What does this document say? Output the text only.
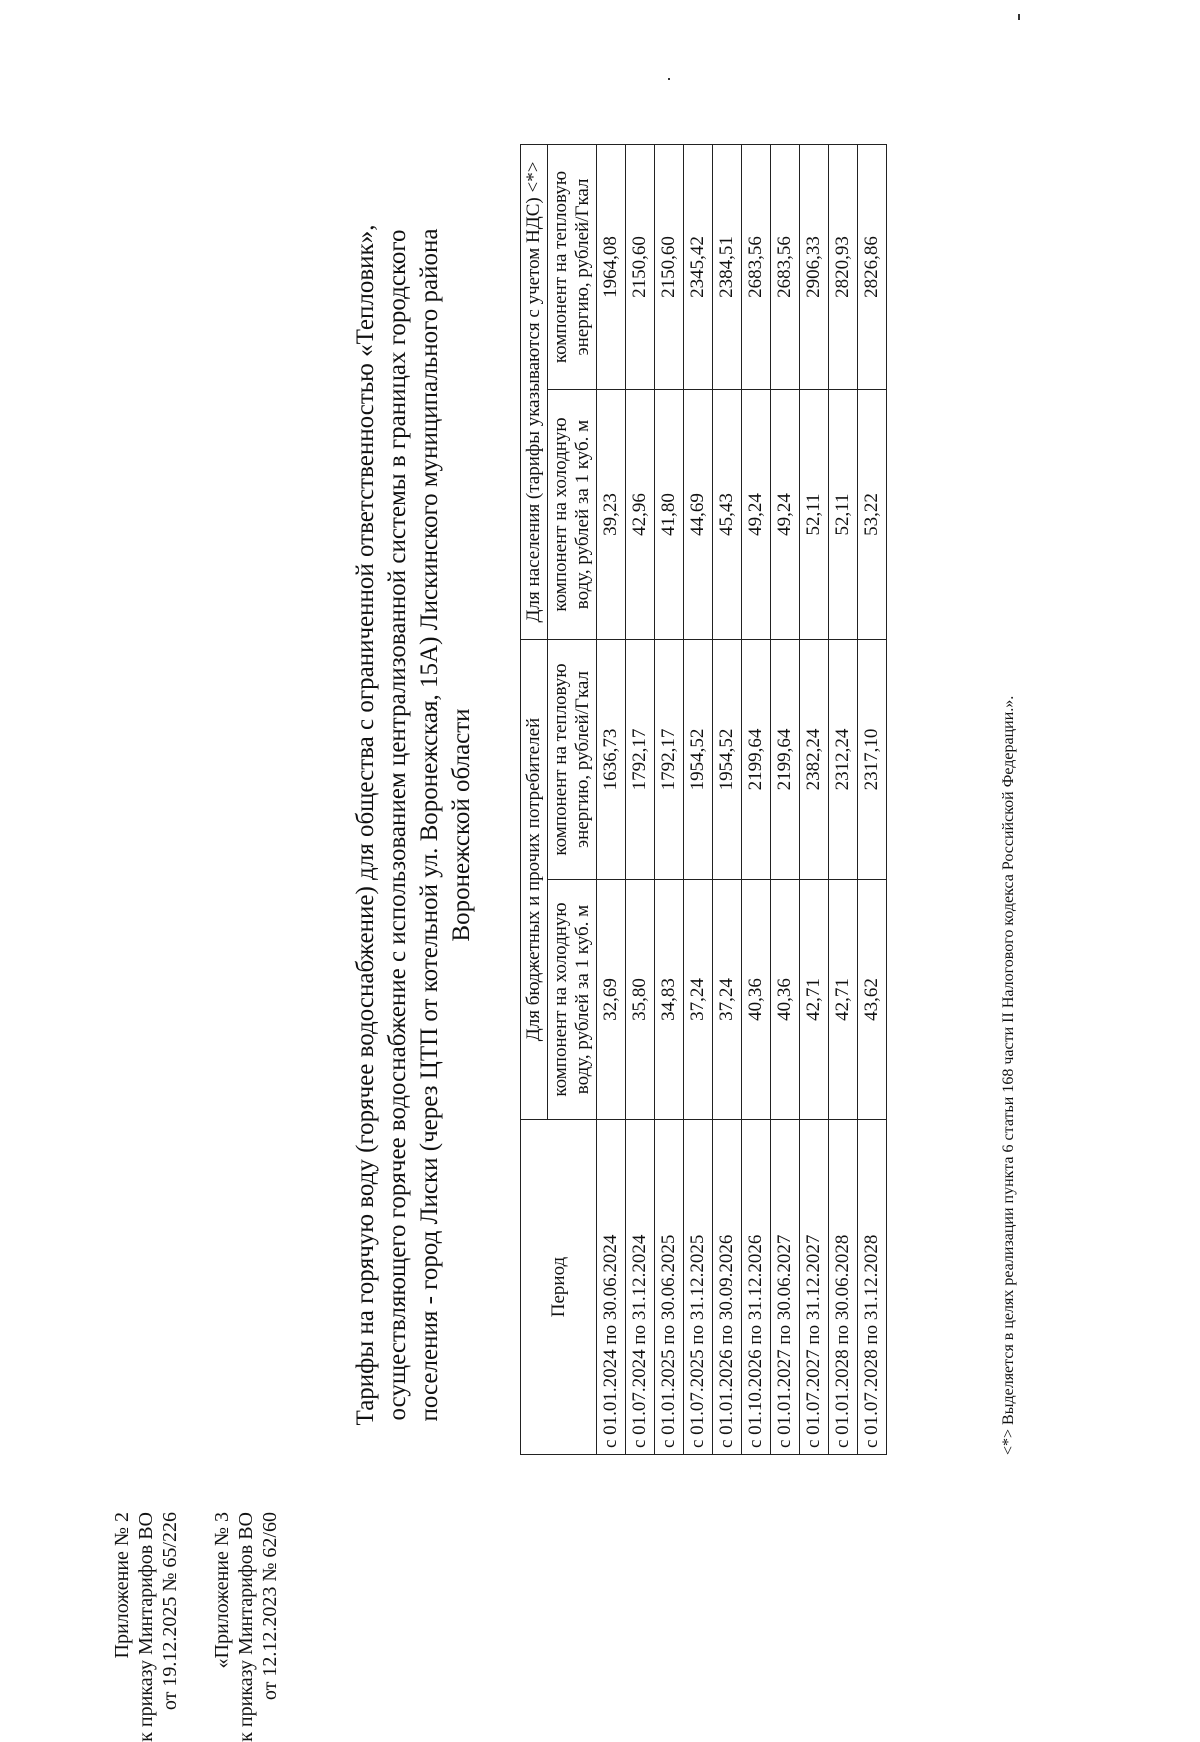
Приложение № 2 к приказу Минтарифов ВО от 19.12.2025 № 65/226 «Приложение № 3 к приказу Минтарифов ВО от 12.12.2023 № 62/60
Тарифы на горячую воду (горячее водоснабжение) для общества с ограниченной ответственностью «Тепловик», осуществляющего горячее водоснабжение с использованием централизованной системы в границах городского поселения - город Лиски (через ЦТП от котельной ул. Воронежская, 15А) Лискинского муниципального района Воронежской области
Период	Для бюджетных и прочих потребителей		Для населения (тарифы указываются с учетом НДС) <*>	
	компонент на холодную воду, рублей за 1 куб. м	компонент на тепловую энергию, рублей/Гкал	компонент на холодную воду, рублей за 1 куб. м	компонент на тепловую энергию, рублей/Гкал
с 01.01.2024 по 30.06.2024	32,69	1636,73	39,23	1964,08
с 01.07.2024 по 31.12.2024	35,80	1792,17	42,96	2150,60
с 01.01.2025 по 30.06.2025	34,83	1792,17	41,80	2150,60
с 01.07.2025 по 31.12.2025	37,24	1954,52	44,69	2345,42
с 01.01.2026 по 30.09.2026	37,24	1954,52	45,43	2384,51
с 01.10.2026 по 31.12.2026	40,36	2199,64	49,24	2683,56
с 01.01.2027 по 30.06.2027	40,36	2199,64	49,24	2683,56
с 01.07.2027 по 31.12.2027	42,71	2382,24	52,11	2906,33
с 01.01.2028 по 30.06.2028	42,71	2312,24	52,11	2820,93
с 01.07.2028 по 31.12.2028	43,62	2317,10	53,22	2826,86
<*> Выделяется в целях реализации пункта 6 статьи 168 части II Налогового кодекса Российской Федерации.».
